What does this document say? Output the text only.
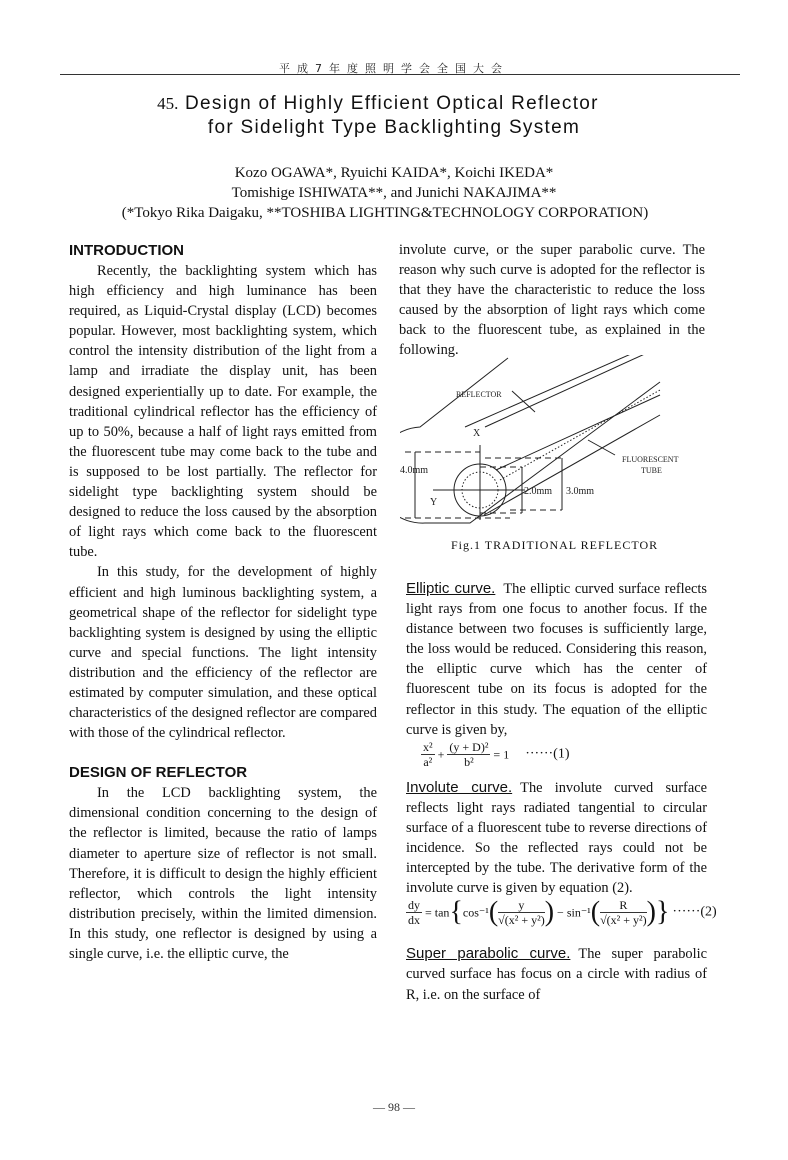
平成7年度照明学会全国大会
45. Design of Highly Efficient Optical Reflector
for Sidelight Type Backlighting System
Kozo OGAWA*, Ryuichi KAIDA*, Koichi IKEDA*
Tomishige ISHIWATA**, and Junichi NAKAJIMA**
(*Tokyo Rika Daigaku, **TOSHIBA LIGHTING&TECHNOLOGY CORPORATION)
INTRODUCTION

Recently, the backlighting system which has high efficiency and high luminance has been required, as Liquid-Crystal display (LCD) becomes popular. However, most backlighting system, which control the intensity distribution of the light from a lamp and irradiate the display unit, has been designed experientially up to date. For example, the traditional cylindrical reflector has the efficiency of up to 50%, because a half of light rays emitted from the fluorescent tube may come back to the tube and is supposed to be lost partially. The reflector for sidelight type backlighting system should be designed to reduce the loss caused by the absorption of light rays which come back to the fluorescent tube.

In this study, for the development of highly efficient and high luminous backlighting system, a geometrical shape of the reflector for sidelight type backlighting system is designed by using the elliptic curve and special functions. The light intensity distribution and the efficiency of the reflector are estimated by computer simulation, and these optical characteristics of the designed reflector are compared with those of the cylindrical reflector.

DESIGN OF REFLECTOR

In the LCD backlighting system, the dimensional condition concerning to the design of the reflector is limited, because the ratio of lamps diameter to aperture size of reflector is not small. Therefore, it is difficult to design the highly efficient reflector, which controls the light intensity distribution precisely, within the limited dimension. In this study, one reflector is designed by using a single curve, i.e. the elliptic curve, the

involute curve, or the super parabolic curve. The reason why such curve is adopted for the reflector is that they have the characteristic to reduce the loss caused by the absorption of light rays which come back to the fluorescent tube, as explained in the following.

REFLECTOR
FLUORESCENT
TUBE
X
Y
4.0mm
2.0mm 3.0mm
Fig.1 TRADITIONAL REFLECTOR

Elliptic curve. The elliptic curved surface reflects light rays from one focus to another focus. If the distance between two focuses is sufficiently large, the loss would be reduced. Considering this reason, the elliptic curve which has the center of fluorescent tube on its focus is adopted for the reflector in this study. The equation of the elliptic curve is given by,

$\frac{\text{x²}}{\text{a²}} + \frac{\text{(y + D)²}}{\text{b²}} = 1 \cdot\cdot\cdot\cdot\cdot\cdot(1)$

Involute curve. The involute curved surface reflects light rays radiated tangential to circular surface of a fluorescent tube to reverse directions of incidence. So the reflected rays could not be intercepted by the tube. The derivative form of the involute curve is given by equation (2).

$\frac{dy}{dx} = \tan\{\cos^{-1}( \frac{y}{\text{√(x² + y²)}}$ ) − $\sin^{-1}( \frac{R}{\text{√(x² + y²)}}$ )} ······(2)

Super parabolic curve. The super parabolic curved surface has focus on a circle with radius of R, i.e. on the surface of

— 98 —
